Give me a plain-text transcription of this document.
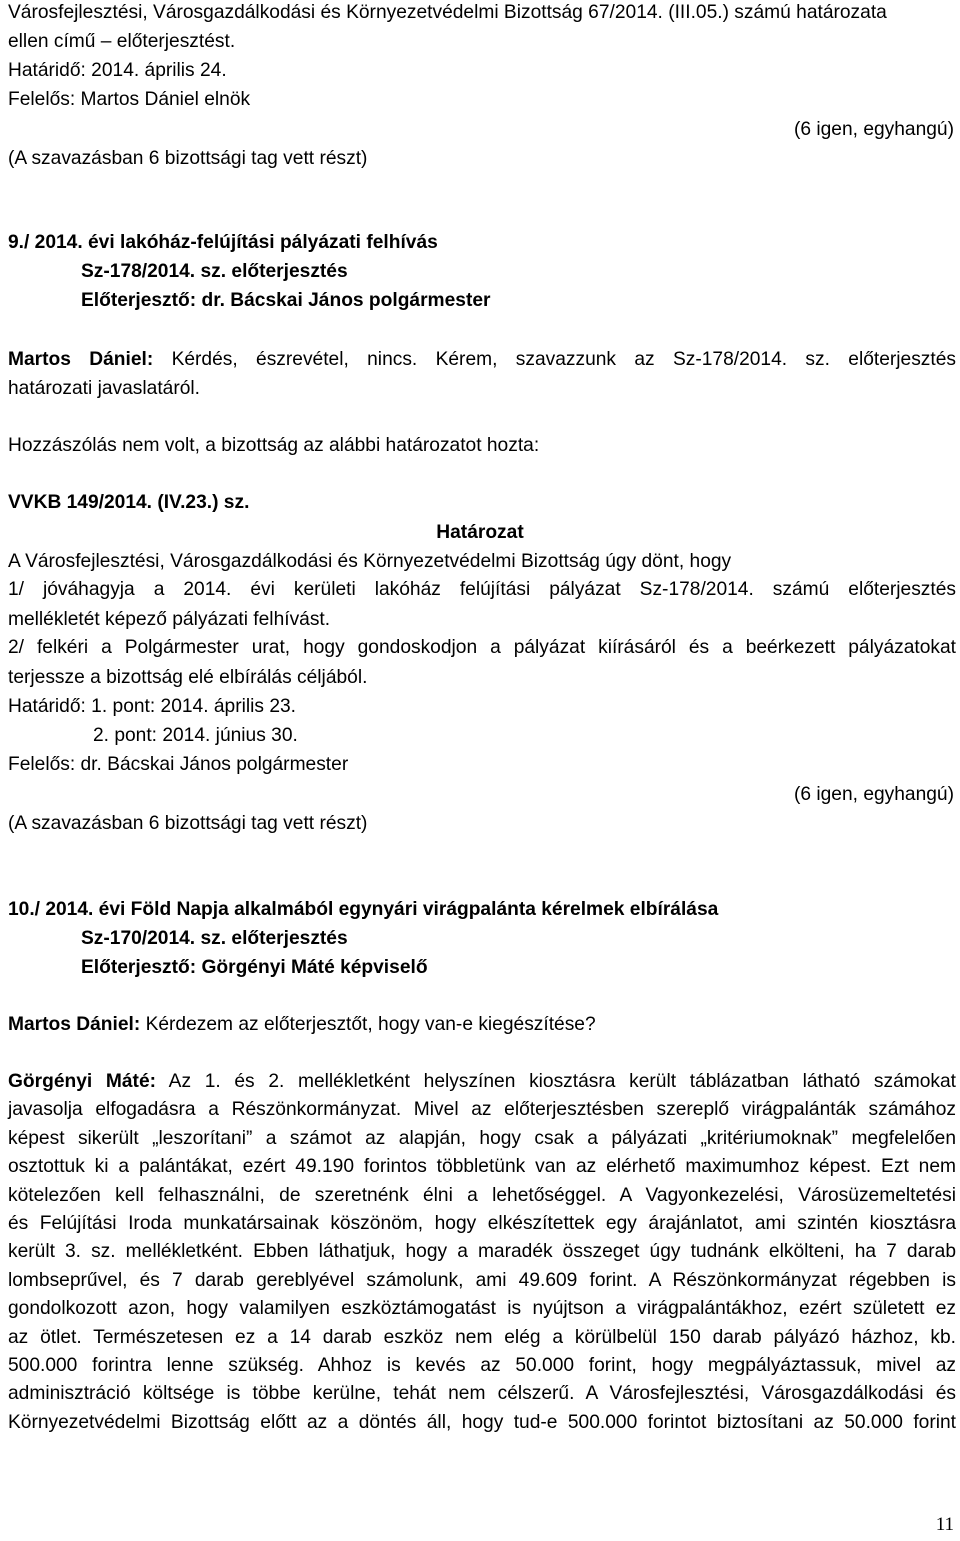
Városfejlesztési, Városgazdálkodási és Környezetvédelmi Bizottság 67/2014. (III.05.) számú határozata

ellen című – előterjesztést.

Határidő: 2014. április 24.

Felelős: Martos Dániel elnök

(6 igen, egyhangú)

(A szavazásban 6 bizottsági tag vett részt)

9./ 2014. évi lakóház-felújítási pályázati felhívás

Sz-178/2014. sz. előterjesztés

Előterjesztő: dr. Bácskai János polgármester

Martos Dániel: Kérdés, észrevétel, nincs. Kérem, szavazzunk az Sz-178/2014. sz. előterjesztés

határozati javaslatáról.

Hozzászólás nem volt, a bizottság az alábbi határozatot hozta:

VVKB 149/2014. (IV.23.) sz.

Határozat

A Városfejlesztési, Városgazdálkodási és Környezetvédelmi Bizottság úgy dönt, hogy

1/ jóváhagyja a 2014. évi kerületi lakóház felújítási pályázat Sz-178/2014. számú előterjesztés

mellékletét képező pályázati felhívást.

2/ felkéri a Polgármester urat, hogy gondoskodjon a pályázat kiírásáról és a beérkezett pályázatokat

terjessze a bizottság elé elbírálás céljából.

Határidő: 1. pont: 2014. április 23.

2. pont: 2014. június 30.

Felelős: dr. Bácskai János polgármester

(6 igen, egyhangú)

(A szavazásban 6 bizottsági tag vett részt)

10./ 2014. évi Föld Napja alkalmából egynyári virágpalánta kérelmek elbírálása

Sz-170/2014. sz. előterjesztés

Előterjesztő: Görgényi Máté képviselő

Martos Dániel: Kérdezem az előterjesztőt, hogy van-e kiegészítése?

Görgényi Máté: Az 1. és 2. mellékletként helyszínen kiosztásra került táblázatban látható számokat
javasolja elfogadásra a Részönkormányzat. Mivel az előterjesztésben szereplő virágpalánták számához
képest sikerült „leszorítani” a számot az alapján, hogy csak a pályázati „kritériumoknak” megfelelően
osztottuk ki a palántákat, ezért 49.190 forintos többletünk van az elérhető maximumhoz képest. Ezt nem
kötelezően kell felhasználni, de szeretnénk élni a lehetőséggel. A Vagyonkezelési, Városüzemeltetési
és Felújítási Iroda munkatársainak köszönöm, hogy elkészítettek egy árajánlatot, ami szintén kiosztásra
került 3. sz. mellékletként. Ebben láthatjuk, hogy a maradék összeget úgy tudnánk elkölteni, ha 7 darab
lombseprűvel, és 7 darab gereblyével számolunk, ami 49.609 forint. A Részönkormányzat régebben is
gondolkozott azon, hogy valamilyen eszköztámogatást is nyújtson a virágpalántákhoz, ezért született ez
az ötlet. Természetesen ez a 14 darab eszköz nem elég a körülbelül 150 darab pályázó házhoz, kb.
500.000 forintra lenne szükség. Ahhoz is kevés az 50.000 forint, hogy megpályáztassuk, mivel az
adminisztráció költsége is többe kerülne, tehát nem célszerű. A Városfejlesztési, Városgazdálkodási és
Környezetvédelmi Bizottság előtt az a döntés áll, hogy tud-e 500.000 forintot biztosítani az 50.000 forint
11
